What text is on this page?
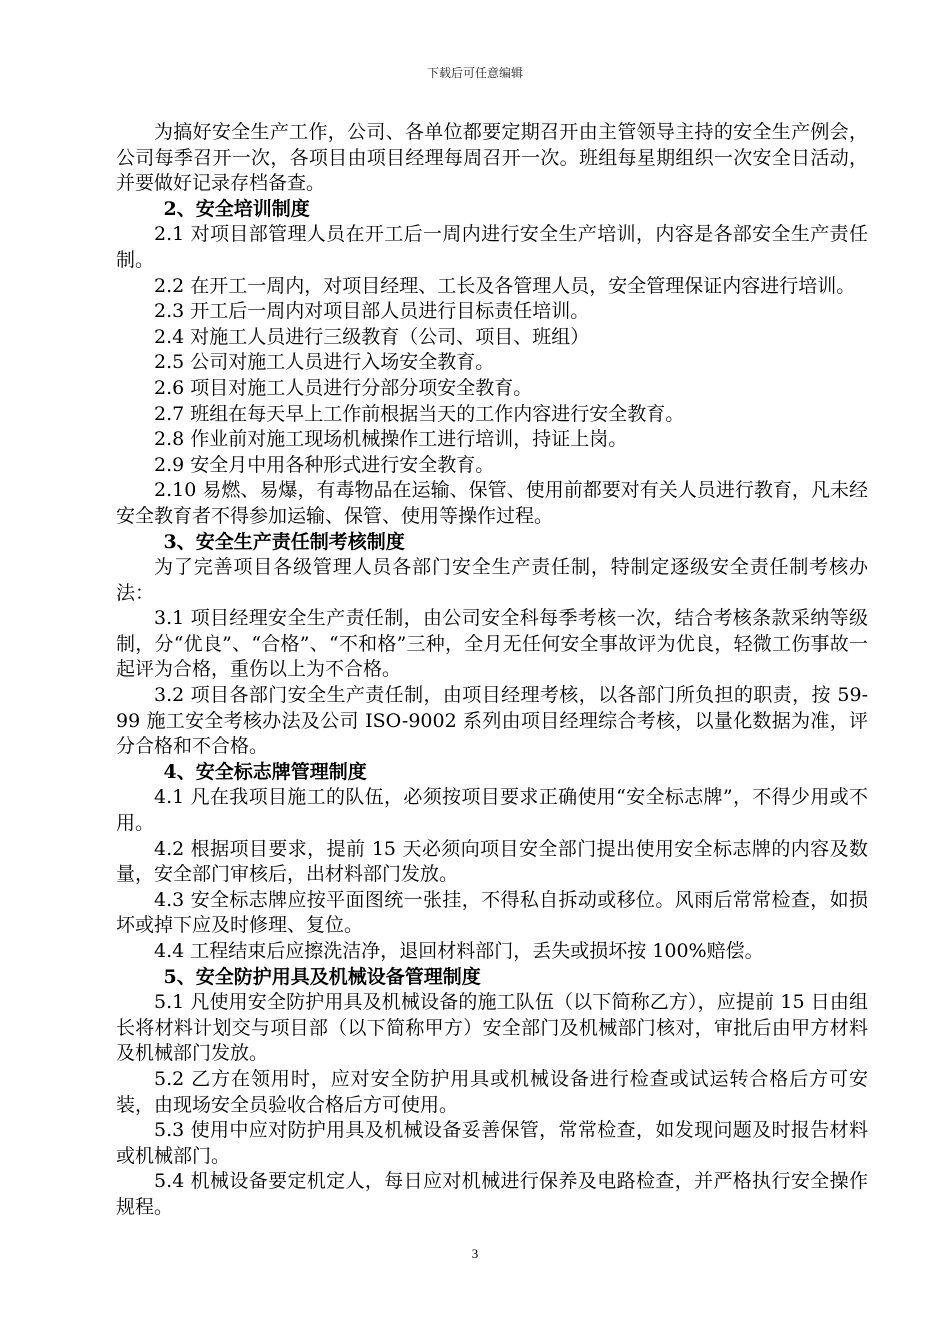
下载后可任意编辑

为搞好安全生产工作，公司、各单位都要定期召开由主管领导主持的安全生产例会，公司每季召开一次，各项目由项目经理每周召开一次。班组每星期组织一次安全日活动，并要做好记录存档备查。

2、安全培训制度

2.1 对项目部管理人员在开工后一周内进行安全生产培训，内容是各部安全生产责任制。

2.2 在开工一周内，对项目经理、工长及各管理人员，安全管理保证内容进行培训。

2.3 开工后一周内对项目部人员进行目标责任培训。

2.4 对施工人员进行三级教育（公司、项目、班组）

2.5 公司对施工人员进行入场安全教育。

2.6 项目对施工人员进行分部分项安全教育。

2.7 班组在每天早上工作前根据当天的工作内容进行安全教育。

2.8 作业前对施工现场机械操作工进行培训，持证上岗。

2.9 安全月中用各种形式进行安全教育。

2.10 易燃、易爆，有毒物品在运输、保管、使用前都要对有关人员进行教育，凡未经安全教育者不得参加运输、保管、使用等操作过程。

3、安全生产责任制考核制度

为了完善项目各级管理人员各部门安全生产责任制，特制定逐级安全责任制考核办法：

3.1 项目经理安全生产责任制，由公司安全科每季考核一次，结合考核条款采纳等级制，分“优良”、“合格”、“不和格”三种，全月无任何安全事故评为优良，轻微工伤事故一起评为合格，重伤以上为不合格。

3.2 项目各部门安全生产责任制，由项目经理考核，以各部门所负担的职责，按 59-99 施工安全考核办法及公司 ISO-9002 系列由项目经理综合考核，以量化数据为准，评分合格和不合格。

4、安全标志牌管理制度

4.1 凡在我项目施工的队伍，必须按项目要求正确使用“安全标志牌”，不得少用或不用。

4.2 根据项目要求，提前 15 天必须向项目安全部门提出使用安全标志牌的内容及数量，安全部门审核后，出材料部门发放。

4.3 安全标志牌应按平面图统一张挂，不得私自拆动或移位。风雨后常常检查，如损坏或掉下应及时修理、复位。

4.4 工程结束后应擦洗洁净，退回材料部门，丢失或损坏按 100%赔偿。

5、安全防护用具及机械设备管理制度

5.1 凡使用安全防护用具及机械设备的施工队伍（以下简称乙方），应提前 15 日由组长将材料计划交与项目部（以下简称甲方）安全部门及机械部门核对，审批后由甲方材料及机械部门发放。

5.2 乙方在领用时，应对安全防护用具或机械设备进行检查或试运转合格后方可安装，由现场安全员验收合格后方可使用。

5.3 使用中应对防护用具及机械设备妥善保管，常常检查，如发现问题及时报告材料或机械部门。

5.4 机械设备要定机定人，每日应对机械进行保养及电路检查，并严格执行安全操作规程。

3
